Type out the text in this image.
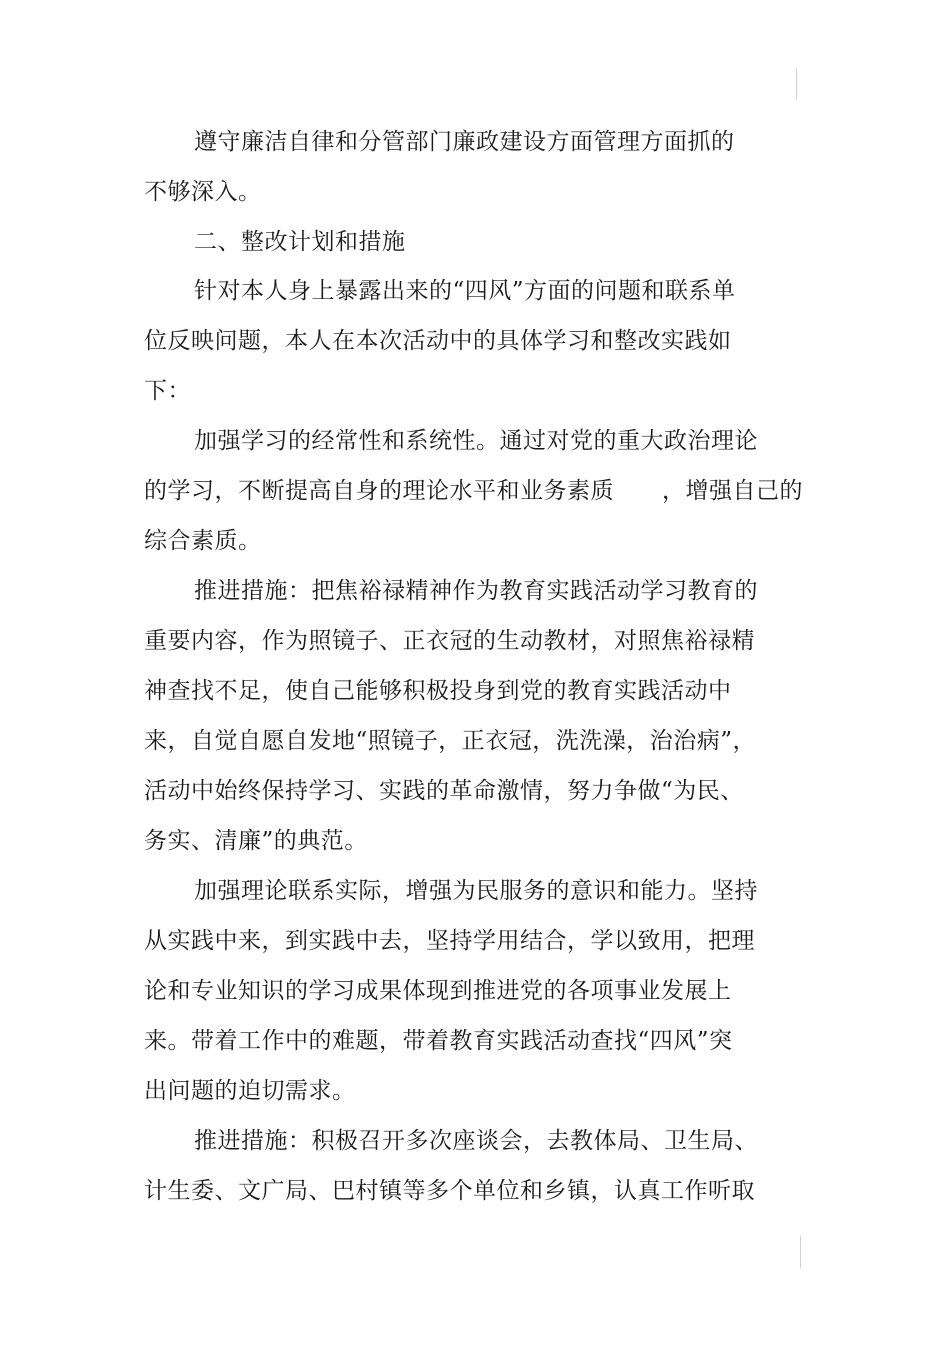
遵守廉洁自律和分管部门廉政建设方面管理方面抓的
不够深入。
二、整改计划和措施
针对本人身上暴露出来的“四风”方面的问题和联系单
位反映问题，本人在本次活动中的具体学习和整改实践如
下：
加强学习的经常性和系统性。通过对党的重大政治理论
的学习，不断提高自身的理论水平和业务素质 ，增强自己的
综合素质。
推进措施：把焦裕禄精神作为教育实践活动学习教育的
重要内容，作为照镜子、正衣冠的生动教材，对照焦裕禄精
神查找不足，使自己能够积极投身到党的教育实践活动中
来，自觉自愿自发地“照镜子，正衣冠，洗洗澡，治治病”，
活动中始终保持学习、实践的革命激情，努力争做“为民、
务实、清廉”的典范。
加强理论联系实际，增强为民服务的意识和能力。坚持
从实践中来，到实践中去，坚持学用结合，学以致用，把理
论和专业知识的学习成果体现到推进党的各项事业发展上
来。带着工作中的难题，带着教育实践活动查找“四风”突
出问题的迫切需求。
推进措施：积极召开多次座谈会，去教体局、卫生局、
计生委、文广局、巴村镇等多个单位和乡镇，认真工作听取
